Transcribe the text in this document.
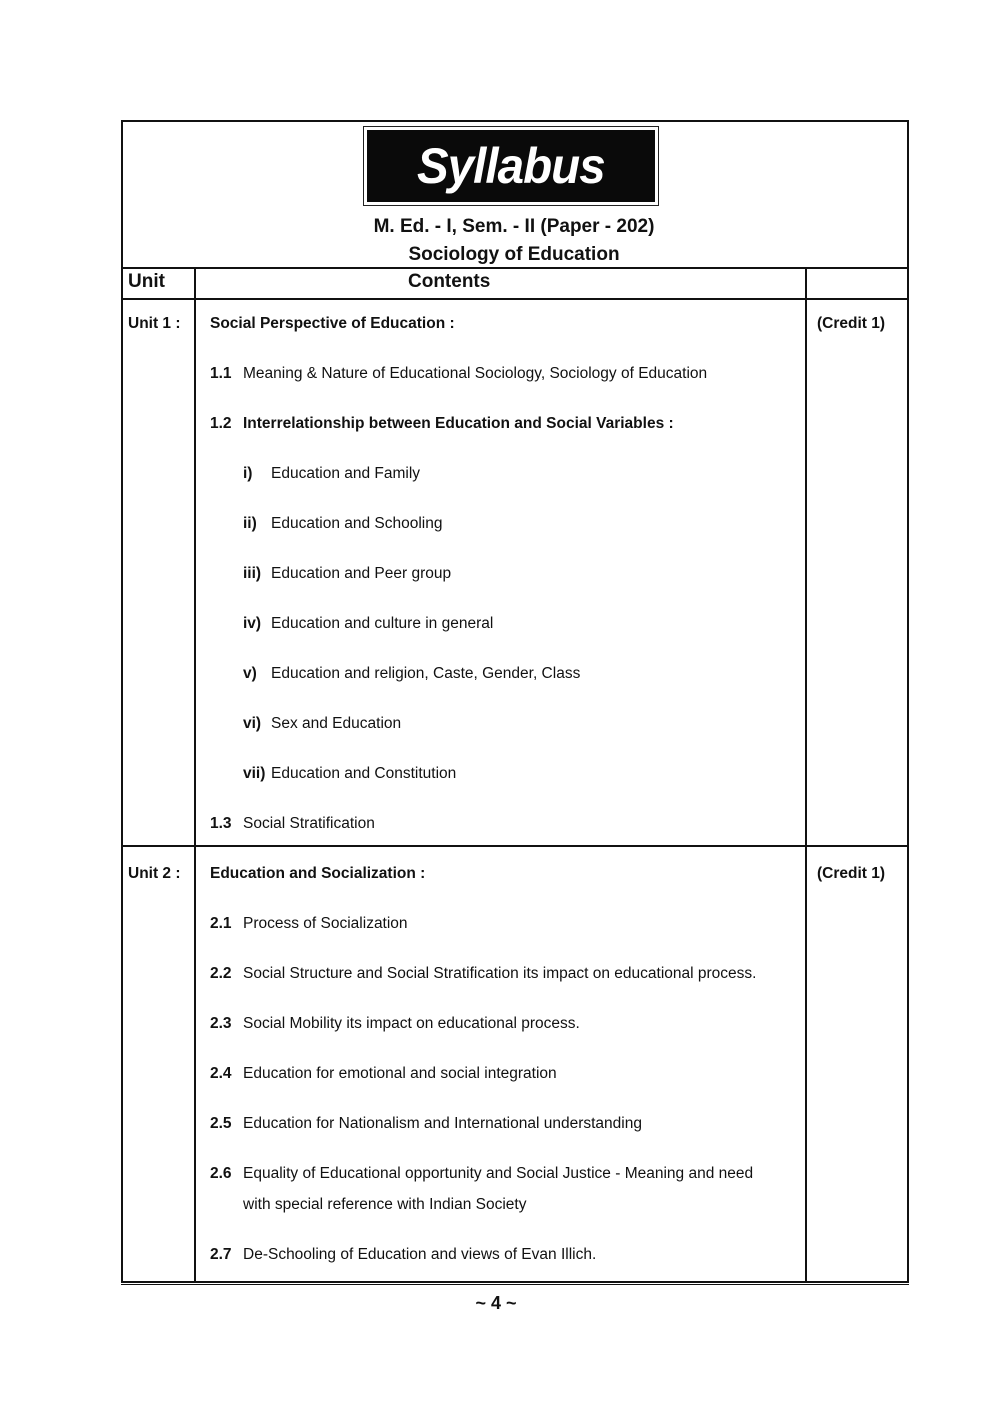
Syllabus
M. Ed. - I, Sem. - II (Paper - 202)
Sociology of Education
Unit	Contents
Unit 1 : Social Perspective of Education :	(Credit 1)
1.1 Meaning & Nature of Educational Sociology, Sociology of Education
1.2 Interrelationship between Education and Social Variables :
i) Education and Family
ii) Education and Schooling
iii) Education and Peer group
iv) Education and culture in general
v) Education and religion, Caste, Gender, Class
vi) Sex and Education
vii) Education and Constitution
1.3 Social Stratification
Unit 2 : Education and Socialization :	(Credit 1)
2.1 Process of Socialization
2.2 Social Structure and Social Stratification its impact on educational process.
2.3 Social Mobility its impact on educational process.
2.4 Education for emotional and social integration
2.5 Education for Nationalism and International understanding
2.6 Equality of Educational opportunity and Social Justice - Meaning and need
with special reference with Indian Society
2.7 De-Schooling of Education and views of Evan Illich.
~ 4 ~
